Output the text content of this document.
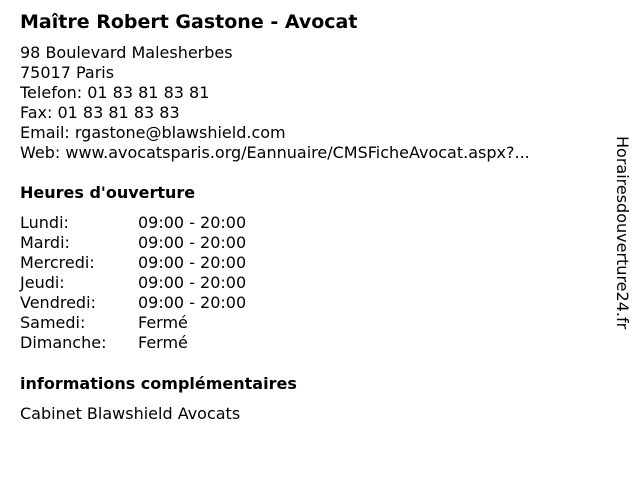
Maître Robert Gastone - Avocat
98 Boulevard Malesherbes
75017 Paris
Telefon: 01 83 81 83 81
Fax: 01 83 81 83 83
Email: rgastone@blawshield.com
Web: www.avocatsparis.org/Eannuaire/CMSFicheAvocat.aspx?...
Heures d'ouverture
Lundi:	09:00 - 20:00
Mardi:	09:00 - 20:00
Mercredi:	09:00 - 20:00
Jeudi:	09:00 - 20:00
Vendredi:	09:00 - 20:00
Samedi:	Fermé
Dimanche: Fermé
informations complémentaires
Cabinet Blawshield Avocats
Horairesdouverture24.fr
